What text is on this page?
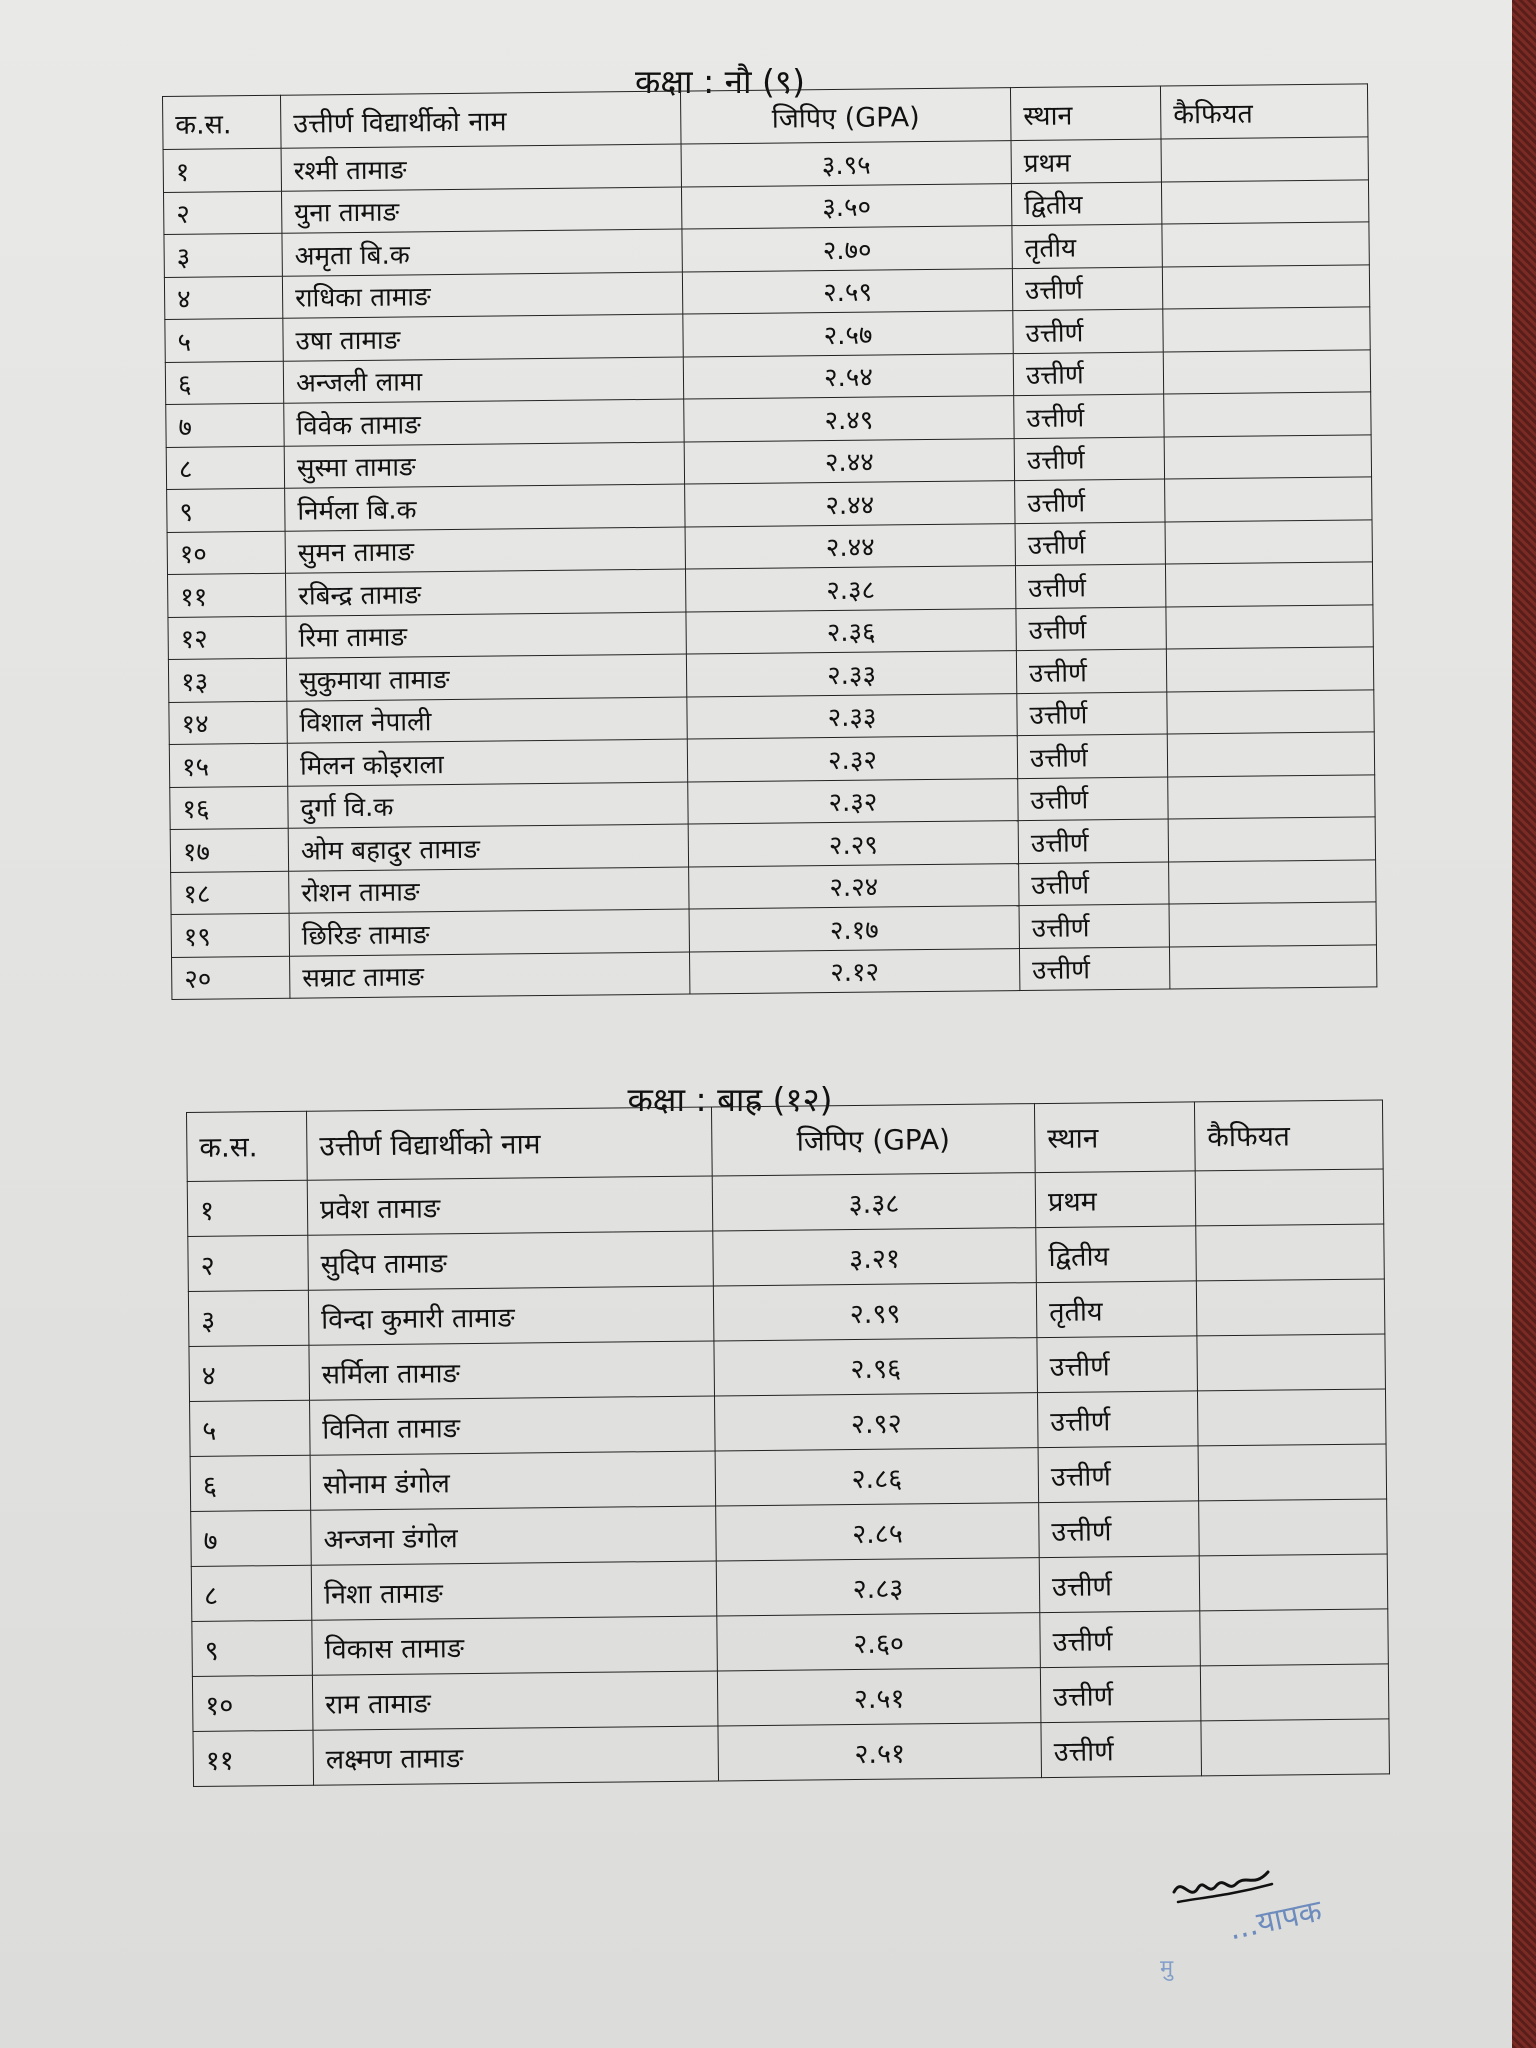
कक्षा : नौ (९)
क.स.	उत्तीर्ण विद्यार्थीको नाम	जिपिए (GPA)	स्थान	कैफियत
१	रश्मी तामाङ	३.९५	प्रथम	
२	युना तामाङ	३.५०	द्वितीय	
३	अमृता बि.क	२.७०	तृतीय	
४	राधिका तामाङ	२.५९	उत्तीर्ण	
५	उषा तामाङ	२.५७	उत्तीर्ण	
६	अन्जली लामा	२.५४	उत्तीर्ण	
७	विवेक तामाङ	२.४९	उत्तीर्ण	
८	सुस्मा तामाङ	२.४४	उत्तीर्ण	
९	निर्मला बि.क	२.४४	उत्तीर्ण	
१०	सुमन तामाङ	२.४४	उत्तीर्ण	
११	रबिन्द्र तामाङ	२.३८	उत्तीर्ण	
१२	रिमा तामाङ	२.३६	उत्तीर्ण	
१३	सुकुमाया तामाङ	२.३३	उत्तीर्ण	
१४	विशाल नेपाली	२.३३	उत्तीर्ण	
१५	मिलन कोइराला	२.३२	उत्तीर्ण	
१६	दुर्गा वि.क	२.३२	उत्तीर्ण	
१७	ओम बहादुर तामाङ	२.२९	उत्तीर्ण	
१८	रोशन तामाङ	२.२४	उत्तीर्ण	
१९	छिरिङ तामाङ	२.१७	उत्तीर्ण	
२०	सम्राट तामाङ	२.१२	उत्तीर्ण	
कक्षा : बाह्र (१२)
क.स.	उत्तीर्ण विद्यार्थीको नाम	जिपिए (GPA)	स्थान	कैफियत
१	प्रवेश तामाङ	३.३८	प्रथम	
२	सुदिप तामाङ	३.२१	द्वितीय	
३	विन्दा कुमारी तामाङ	२.९९	तृतीय	
४	सर्मिला तामाङ	२.९६	उत्तीर्ण	
५	विनिता तामाङ	२.९२	उत्तीर्ण	
६	सोनाम डंगोल	२.८६	उत्तीर्ण	
७	अन्जना डंगोल	२.८५	उत्तीर्ण	
८	निशा तामाङ	२.८३	उत्तीर्ण	
९	विकास तामाङ	२.६०	उत्तीर्ण	
१०	राम तामाङ	२.५१	उत्तीर्ण	
११	लक्ष्मण तामाङ	२.५१	उत्तीर्ण	
...यापक
मु
